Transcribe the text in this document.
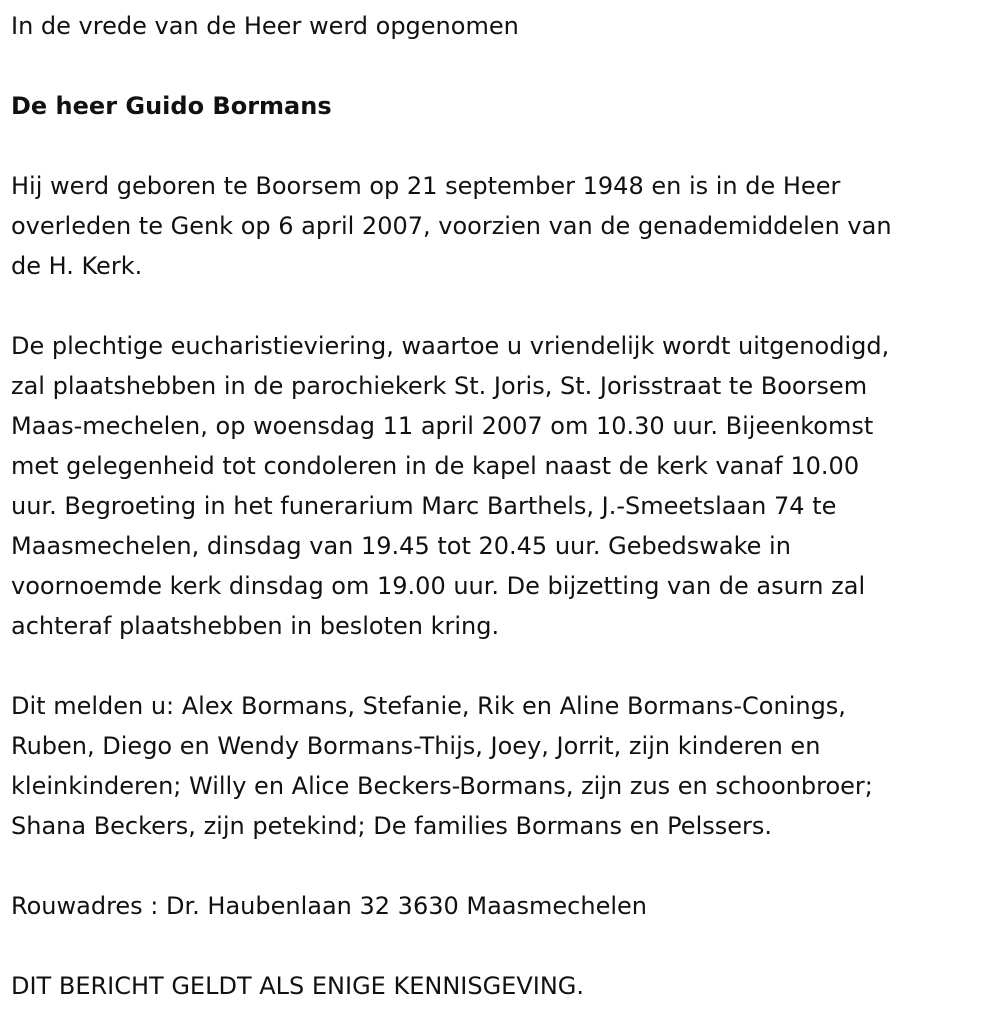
In de vrede van de Heer werd opgenomen
De heer Guido Bormans
Hij werd geboren te Boorsem op 21 september 1948 en is in de Heer
overleden te Genk op 6 april 2007, voorzien van de genademiddelen van
de H. Kerk.
De plechtige eucharistieviering, waartoe u vriendelijk wordt uitgenodigd,
zal plaatshebben in de parochiekerk St. Joris, St. Jorisstraat te Boorsem
Maas-mechelen, op woensdag 11 april 2007 om 10.30 uur. Bijeenkomst
met gelegenheid tot condoleren in de kapel naast de kerk vanaf 10.00
uur. Begroeting in het funerarium Marc Barthels, J.-Smeetslaan 74 te
Maasmechelen, dinsdag van 19.45 tot 20.45 uur. Gebedswake in
voornoemde kerk dinsdag om 19.00 uur. De bijzetting van de asurn zal
achteraf plaatshebben in besloten kring.
Dit melden u: Alex Bormans, Stefanie, Rik en Aline Bormans-Conings,
Ruben, Diego en Wendy Bormans-Thijs, Joey, Jorrit, zijn kinderen en
kleinkinderen; Willy en Alice Beckers-Bormans, zijn zus en schoonbroer;
Shana Beckers, zijn petekind; De families Bormans en Pelssers.
Rouwadres : Dr. Haubenlaan 32 3630 Maasmechelen
DIT BERICHT GELDT ALS ENIGE KENNISGEVING.
